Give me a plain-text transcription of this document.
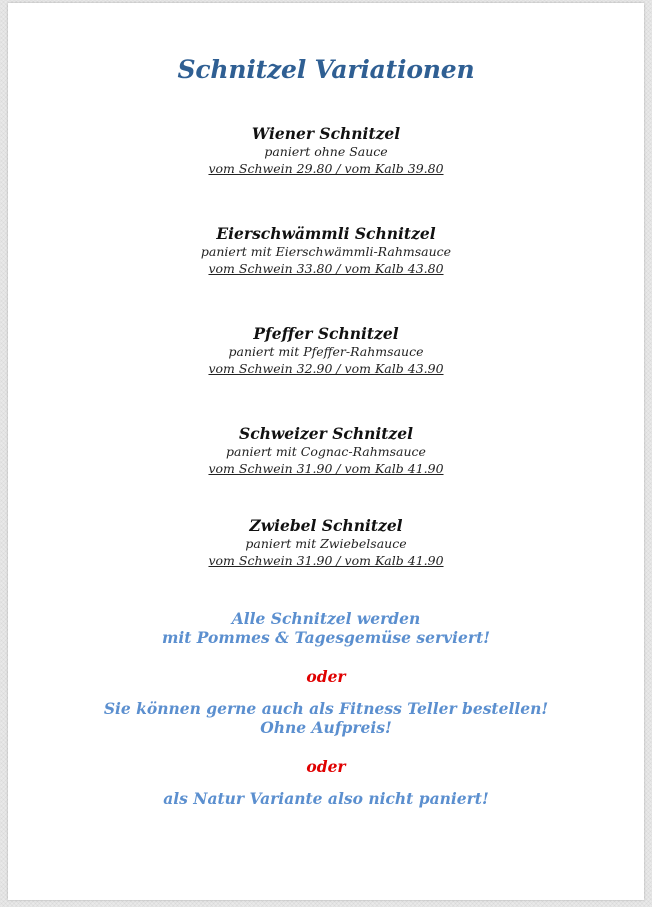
Schnitzel Variationen
Wiener Schnitzel
paniert ohne Sauce
vom Schwein 29.80 / vom Kalb 39.80
Eierschwämmli Schnitzel
paniert mit Eierschwämmli-Rahmsauce
vom Schwein 33.80 / vom Kalb 43.80
Pfeffer Schnitzel
paniert mit Pfeffer-Rahmsauce
vom Schwein 32.90 / vom Kalb 43.90
Schweizer Schnitzel
paniert mit Cognac-Rahmsauce
vom Schwein 31.90 / vom Kalb 41.90
Zwiebel Schnitzel
paniert mit Zwiebelsauce
vom Schwein 31.90 / vom Kalb 41.90
Alle Schnitzel werden
mit Pommes & Tagesgemüse serviert!
oder
Sie können gerne auch als Fitness Teller bestellen!
Ohne Aufpreis!
oder
als Natur Variante also nicht paniert!
